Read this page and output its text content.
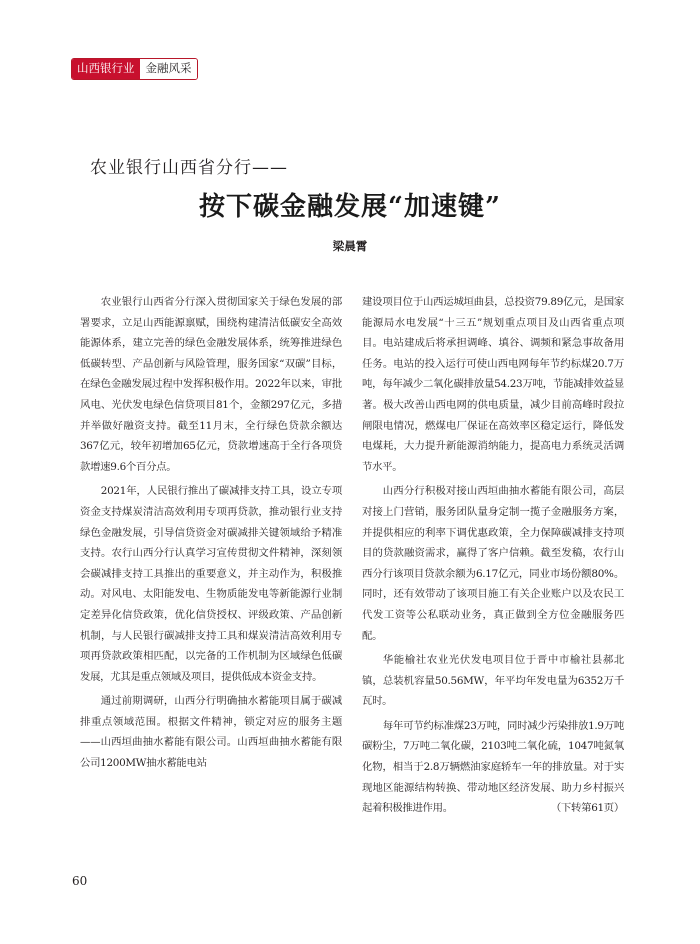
山西银行业 金融风采
农业银行山西省分行——
按下碳金融发展“加速键”

梁晨霄

农业银行山西省分行深入贯彻国家关于绿色发展的部署要求，立足山西能源禀赋，围绕构建清洁低碳安全高效能源体系，建立完善的绿色金融发展体系，统筹推进绿色低碳转型、产品创新与风险管理，服务国家“双碳”目标，在绿色金融发展过程中发挥积极作用。2022年以来，审批风电、光伏发电绿色信贷项目81个，金额297亿元，多措并举做好融资支持。截至11月末，全行绿色贷款余额达367亿元，较年初增加65亿元，贷款增速高于全行各项贷款增速9.6个百分点。

2021年，人民银行推出了碳减排支持工具，设立专项资金支持煤炭清洁高效利用专项再贷款，推动银行业支持绿色金融发展，引导信贷资金对碳减排关键领域给予精准支持。农行山西分行认真学习宣传贯彻文件精神，深刻领会碳减排支持工具推出的重要意义，并主动作为，积极推动。对风电、太阳能发电、生物质能发电等新能源行业制定差异化信贷政策，优化信贷授权、评级政策、产品创新机制，与人民银行碳减排支持工具和煤炭清洁高效利用专项再贷款政策相匹配，以完备的工作机制为区域绿色低碳发展，尤其是重点领域及项目，提供低成本资金支持。

通过前期调研，山西分行明确抽水蓄能项目属于碳减排重点领域范围。根据文件精神，锁定对应的服务主题——山西垣曲抽水蓄能有限公司。山西垣曲抽水蓄能有限公司1200MW抽水蓄能电站

建设项目位于山西运城垣曲县，总投资79.89亿元，是国家能源局水电发展“十三五”规划重点项目及山西省重点项目。电站建成后将承担调峰、填谷、调频和紧急事故备用任务。电站的投入运行可使山西电网每年节约标煤20.7万吨，每年减少二氧化碳排放量54.23万吨，节能减排效益显著。极大改善山西电网的供电质量，减少目前高峰时段拉闸限电情况，燃煤电厂保证在高效率区稳定运行，降低发电煤耗，大力提升新能源消纳能力，提高电力系统灵活调节水平。

山西分行积极对接山西垣曲抽水蓄能有限公司，高层对接上门营销，服务团队量身定制一揽子金融服务方案，并提供相应的利率下调优惠政策，全力保障碳减排支持项目的贷款融资需求，赢得了客户信赖。截至发稿，农行山西分行该项目贷款余额为6.17亿元，同业市场份额80%。同时，还有效带动了该项目施工有关企业账户以及农民工代发工资等公私联动业务，真正做到全方位金融服务匹配。

华能榆社农业光伏发电项目位于晋中市榆社县郝北镇，总装机容量50.56MW，年平均年发电量为6352万千瓦时。

每年可节约标准煤23万吨，同时减少污染排放1.9万吨碳粉尘，7万吨二氧化碳，2103吨二氧化硫，1047吨氮氧化物，相当于2.8万辆燃油家庭轿车一年的排放量。对于实现地区能源结构转换、带动地区经济发展、助力乡村振兴起着积极推进作用。	（下转第61页）

60
